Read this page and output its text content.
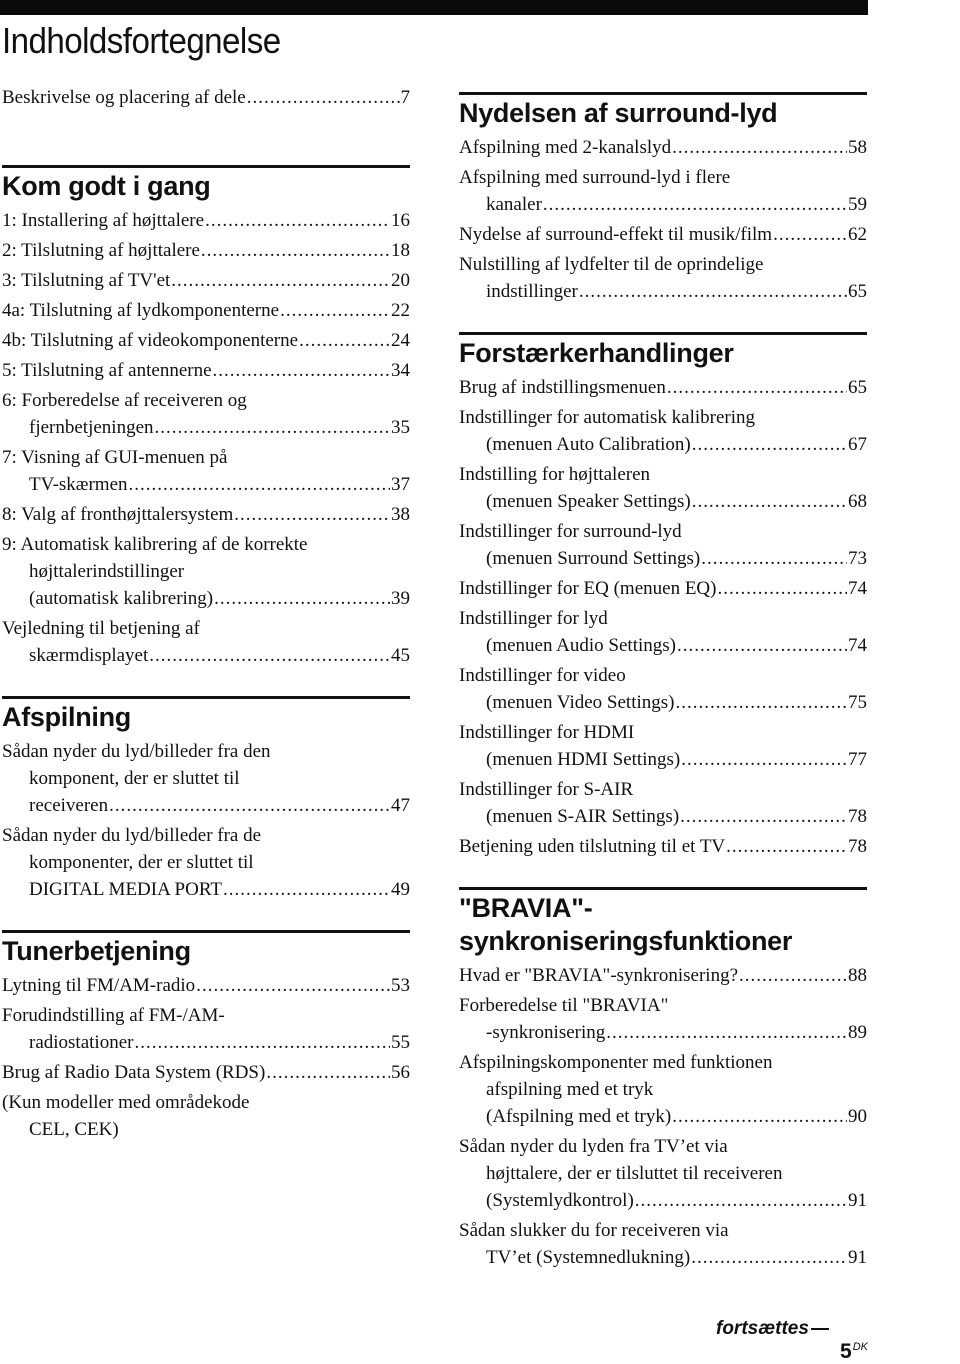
Indholdsfortegnelse
Beskrivelse og placering af dele .....	7
Kom godt i gang
1: Installering af højttalere .....	16
2: Tilslutning af højttalere .....	18
3: Tilslutning af TV'et .....	20
4a: Tilslutning af lydkomponenterne .....	22
4b: Tilslutning af videokomponenterne .....	24
5: Tilslutning af antennerne .....	34
6: Forberedelse af receiveren og
fjernbetjeningen .....	35
7: Visning af GUI-menuen på
TV-skærmen .....	37
8: Valg af fronthøjttalersystem .....	38
9: Automatisk kalibrering af de korrekte
højttalerindstillinger
(automatisk kalibrering) .....	39
Vejledning til betjening af
skærmdisplayet .....	45
Afspilning
Sådan nyder du lyd/billeder fra den
komponent, der er sluttet til
receiveren .....	47
Sådan nyder du lyd/billeder fra de
komponenter, der er sluttet til
DIGITAL MEDIA PORT .....	49
Tunerbetjening
Lytning til FM/AM-radio .....	53
Forudindstilling af FM-/AM-
radiostationer .....	55
Brug af Radio Data System (RDS) .....	56
(Kun modeller med områdekode
CEL, CEK)
Nydelsen af surround-lyd
Afspilning med 2-kanalslyd .....	58
Afspilning med surround-lyd i flere
kanaler .....	59
Nydelse af surround-effekt til musik/film .....	62
Nulstilling af lydfelter til de oprindelige
indstillinger .....	65
Forstærkerhandlinger
Brug af indstillingsmenuen .....	65
Indstillinger for automatisk kalibrering
(menuen Auto Calibration) .....	67
Indstilling for højttaleren
(menuen Speaker Settings) .....	68
Indstillinger for surround-lyd
(menuen Surround Settings) .....	73
Indstillinger for EQ (menuen EQ) .....	74
Indstillinger for lyd
(menuen Audio Settings) .....	74
Indstillinger for video
(menuen Video Settings) .....	75
Indstillinger for HDMI
(menuen HDMI Settings) .....	77
Indstillinger for S-AIR
(menuen S-AIR Settings) .....	78
Betjening uden tilslutning til et TV .....	78
"BRAVIA"-
synkroniseringsfunktioner
Hvad er "BRAVIA"-synkronisering? .....	88
Forberedelse til "BRAVIA"
-synkronisering .....	89
Afspilningskomponenter med funktionen
afspilning med et tryk
(Afspilning med et tryk) .....	90
Sådan nyder du lyden fra TV’et via
højttalere, der er tilsluttet til receiveren
(Systemlydkontrol) .....	91
Sådan slukker du for receiveren via
TV’et (Systemnedlukning) .....	91
fortsættes
$5^{DK}$
